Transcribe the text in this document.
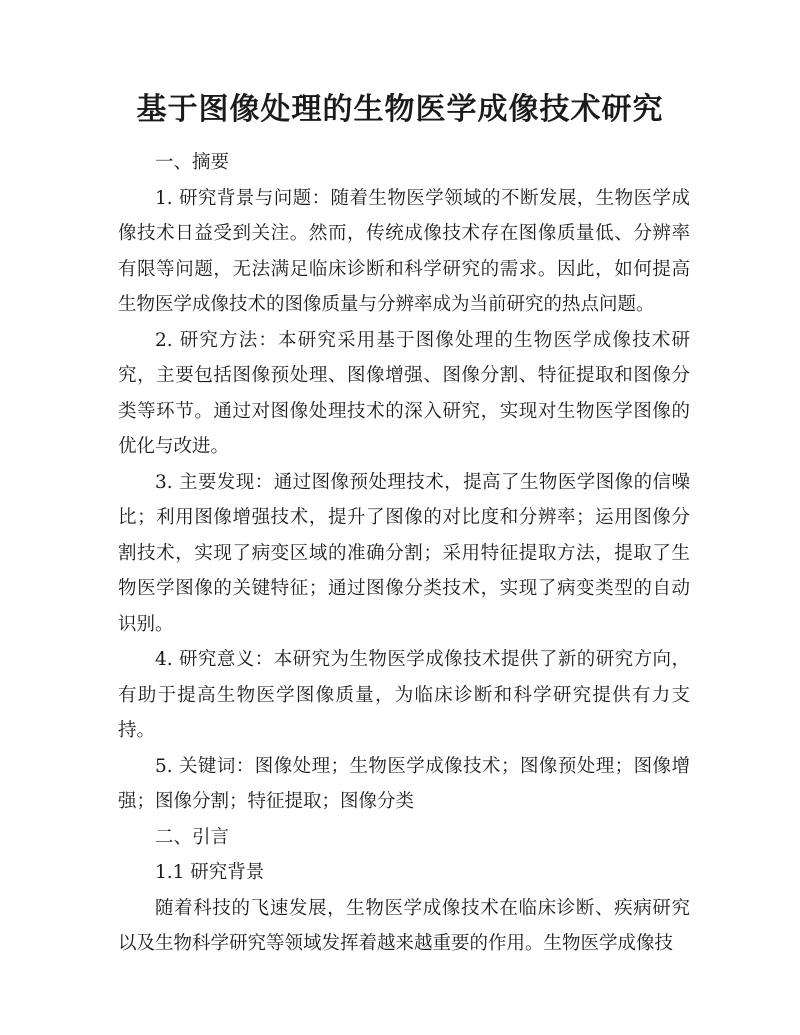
基于图像处理的生物医学成像技术研究

一、摘要

1. 研究背景与问题：随着生物医学领域的不断发展，生物医学成像技术日益受到关注。然而，传统成像技术存在图像质量低、分辨率有限等问题，无法满足临床诊断和科学研究的需求。因此，如何提高生物医学成像技术的图像质量与分辨率成为当前研究的热点问题。

2. 研究方法：本研究采用基于图像处理的生物医学成像技术研究，主要包括图像预处理、图像增强、图像分割、特征提取和图像分类等环节。通过对图像处理技术的深入研究，实现对生物医学图像的优化与改进。

3. 主要发现：通过图像预处理技术，提高了生物医学图像的信噪比；利用图像增强技术，提升了图像的对比度和分辨率；运用图像分割技术，实现了病变区域的准确分割；采用特征提取方法，提取了生物医学图像的关键特征；通过图像分类技术，实现了病变类型的自动识别。

4. 研究意义：本研究为生物医学成像技术提供了新的研究方向，有助于提高生物医学图像质量，为临床诊断和科学研究提供有力支持。

5. 关键词：图像处理；生物医学成像技术；图像预处理；图像增强；图像分割；特征提取；图像分类

二、引言

1.1 研究背景

随着科技的飞速发展，生物医学成像技术在临床诊断、疾病研究以及生物科学研究等领域发挥着越来越重要的作用。生物医学成像技
